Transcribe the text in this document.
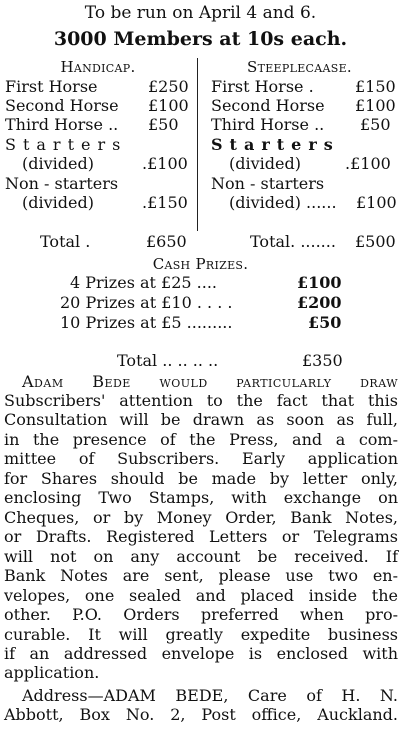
To be run on April 4 and 6.
3000 Members at 10s each.
Handicap.
First Horse	£250
Second Horse £100
Third Horse .. £50
Starters
(divided)	.£100
Non - starters
(divided)	.£150
Total .	£650
Steeplecaase.
First Horse .	£150
Second Horse £100
Third Horse .. £50
Starters
(divided)	.£100
Non - starters
(divided) ...... £100
Total. ....... £500
Cash Prizes.
4 Prizes at £25 ....	£100
20 Prizes at £10 . . . .	£200
10 Prizes at £5 .........	£50
Total .. .. .. ..	£350
Adam Bede would particularly draw
Subscribers' attention to the fact that this
Consultation will be drawn as soon as full,
in the presence of the Press, and a com-
mittee of Subscribers. Early application
for Shares should be made by letter only,
enclosing Two Stamps, with exchange on
Cheques, or by Money Order, Bank Notes,
or Drafts. Registered Letters or Telegrams
will not on any account be received. If
Bank Notes are sent, please use two en-
velopes, one sealed and placed inside the
other. P.O. Orders preferred when pro-
curable. It will greatly expedite business
if an addressed envelope is enclosed with
application.
Address—ADAM BEDE, Care of H. N.
Abbott, Box No. 2, Post office, Auckland.
